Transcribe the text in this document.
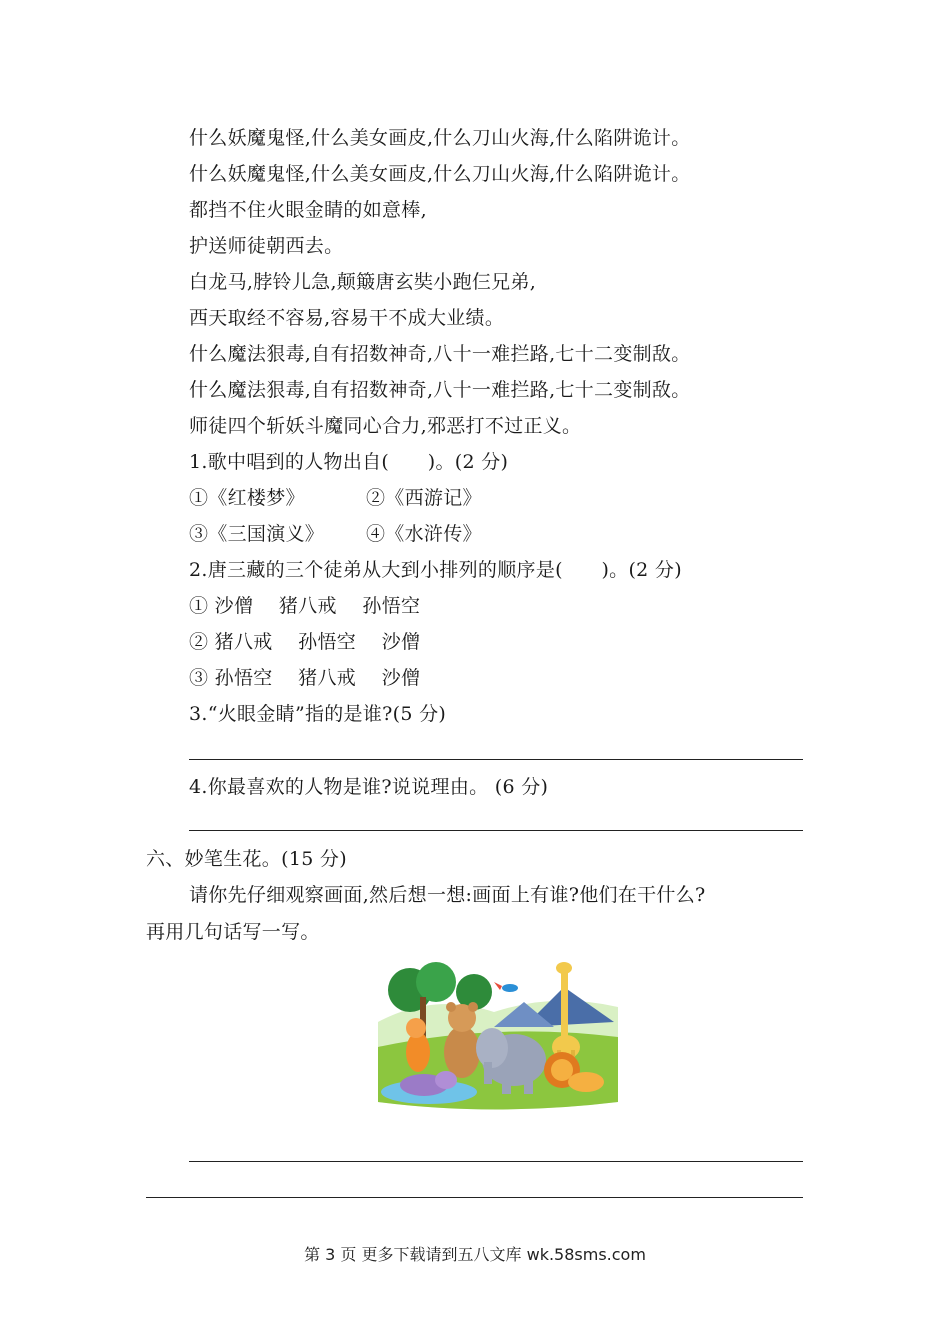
什么妖魔鬼怪,什么美女画皮,什么刀山火海,什么陷阱诡计。
什么妖魔鬼怪,什么美女画皮,什么刀山火海,什么陷阱诡计。
都挡不住火眼金睛的如意棒,
护送师徒朝西去。
白龙马,脖铃儿急,颠簸唐玄奘小跑仨兄弟,
西天取经不容易,容易干不成大业绩。
什么魔法狠毒,自有招数神奇,八十一难拦路,七十二变制敌。
什么魔法狠毒,自有招数神奇,八十一难拦路,七十二变制敌。
师徒四个斩妖斗魔同心合力,邪恶打不过正义。
1.歌中唱到的人物出自(　　)。(2 分)
①《红楼梦》	②《西游记》
③《三国演义》 ④《水浒传》
2.唐三藏的三个徒弟从大到小排列的顺序是(　　)。(2 分)
① 沙僧　 猪八戒　 孙悟空
② 猪八戒　 孙悟空　 沙僧
③ 孙悟空　 猪八戒　 沙僧
3.“火眼金睛”指的是谁?(5 分)
4.你最喜欢的人物是谁?说说理由。 (6 分)
六、妙笔生花。(15 分)
请你先仔细观察画面,然后想一想:画面上有谁?他们在干什么?
再用几句话写一写。
第 3 页 更多下载请到五八文库 wk.58sms.com
